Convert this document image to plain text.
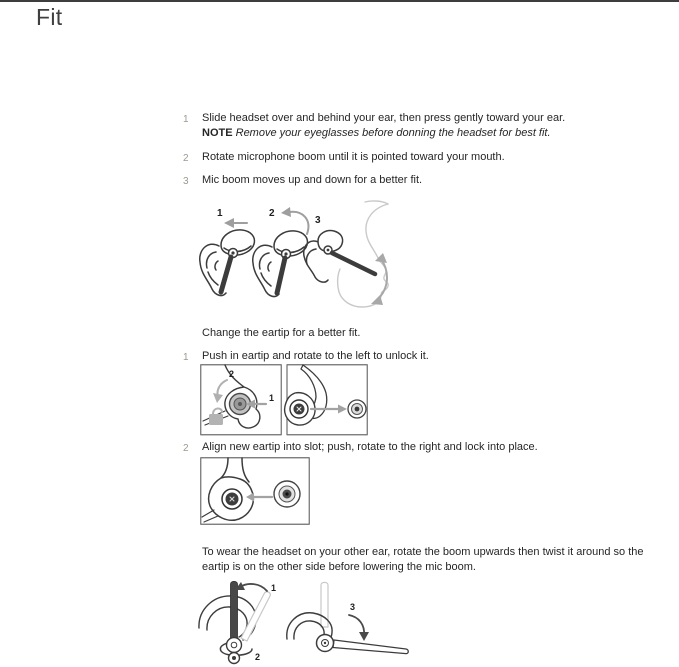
Fit
1	Slide headset over and behind your ear, then press gently toward your ear.
NOTE Remove your eyeglasses before donning the headset for best fit.
2	Rotate microphone boom until it is pointed toward your mouth.
3	Mic boom moves up and down for a better fit.
1	2
3
Change the eartip for a better fit.
1	Push in eartip and rotate to the left to unlock it.
1
2
2	Align new eartip into slot; push, rotate to the right and lock into place.
To wear the headset on your other ear, rotate the boom upwards then twist it around so the eartip is on the other side before lowering the mic boom.
1
2
3
